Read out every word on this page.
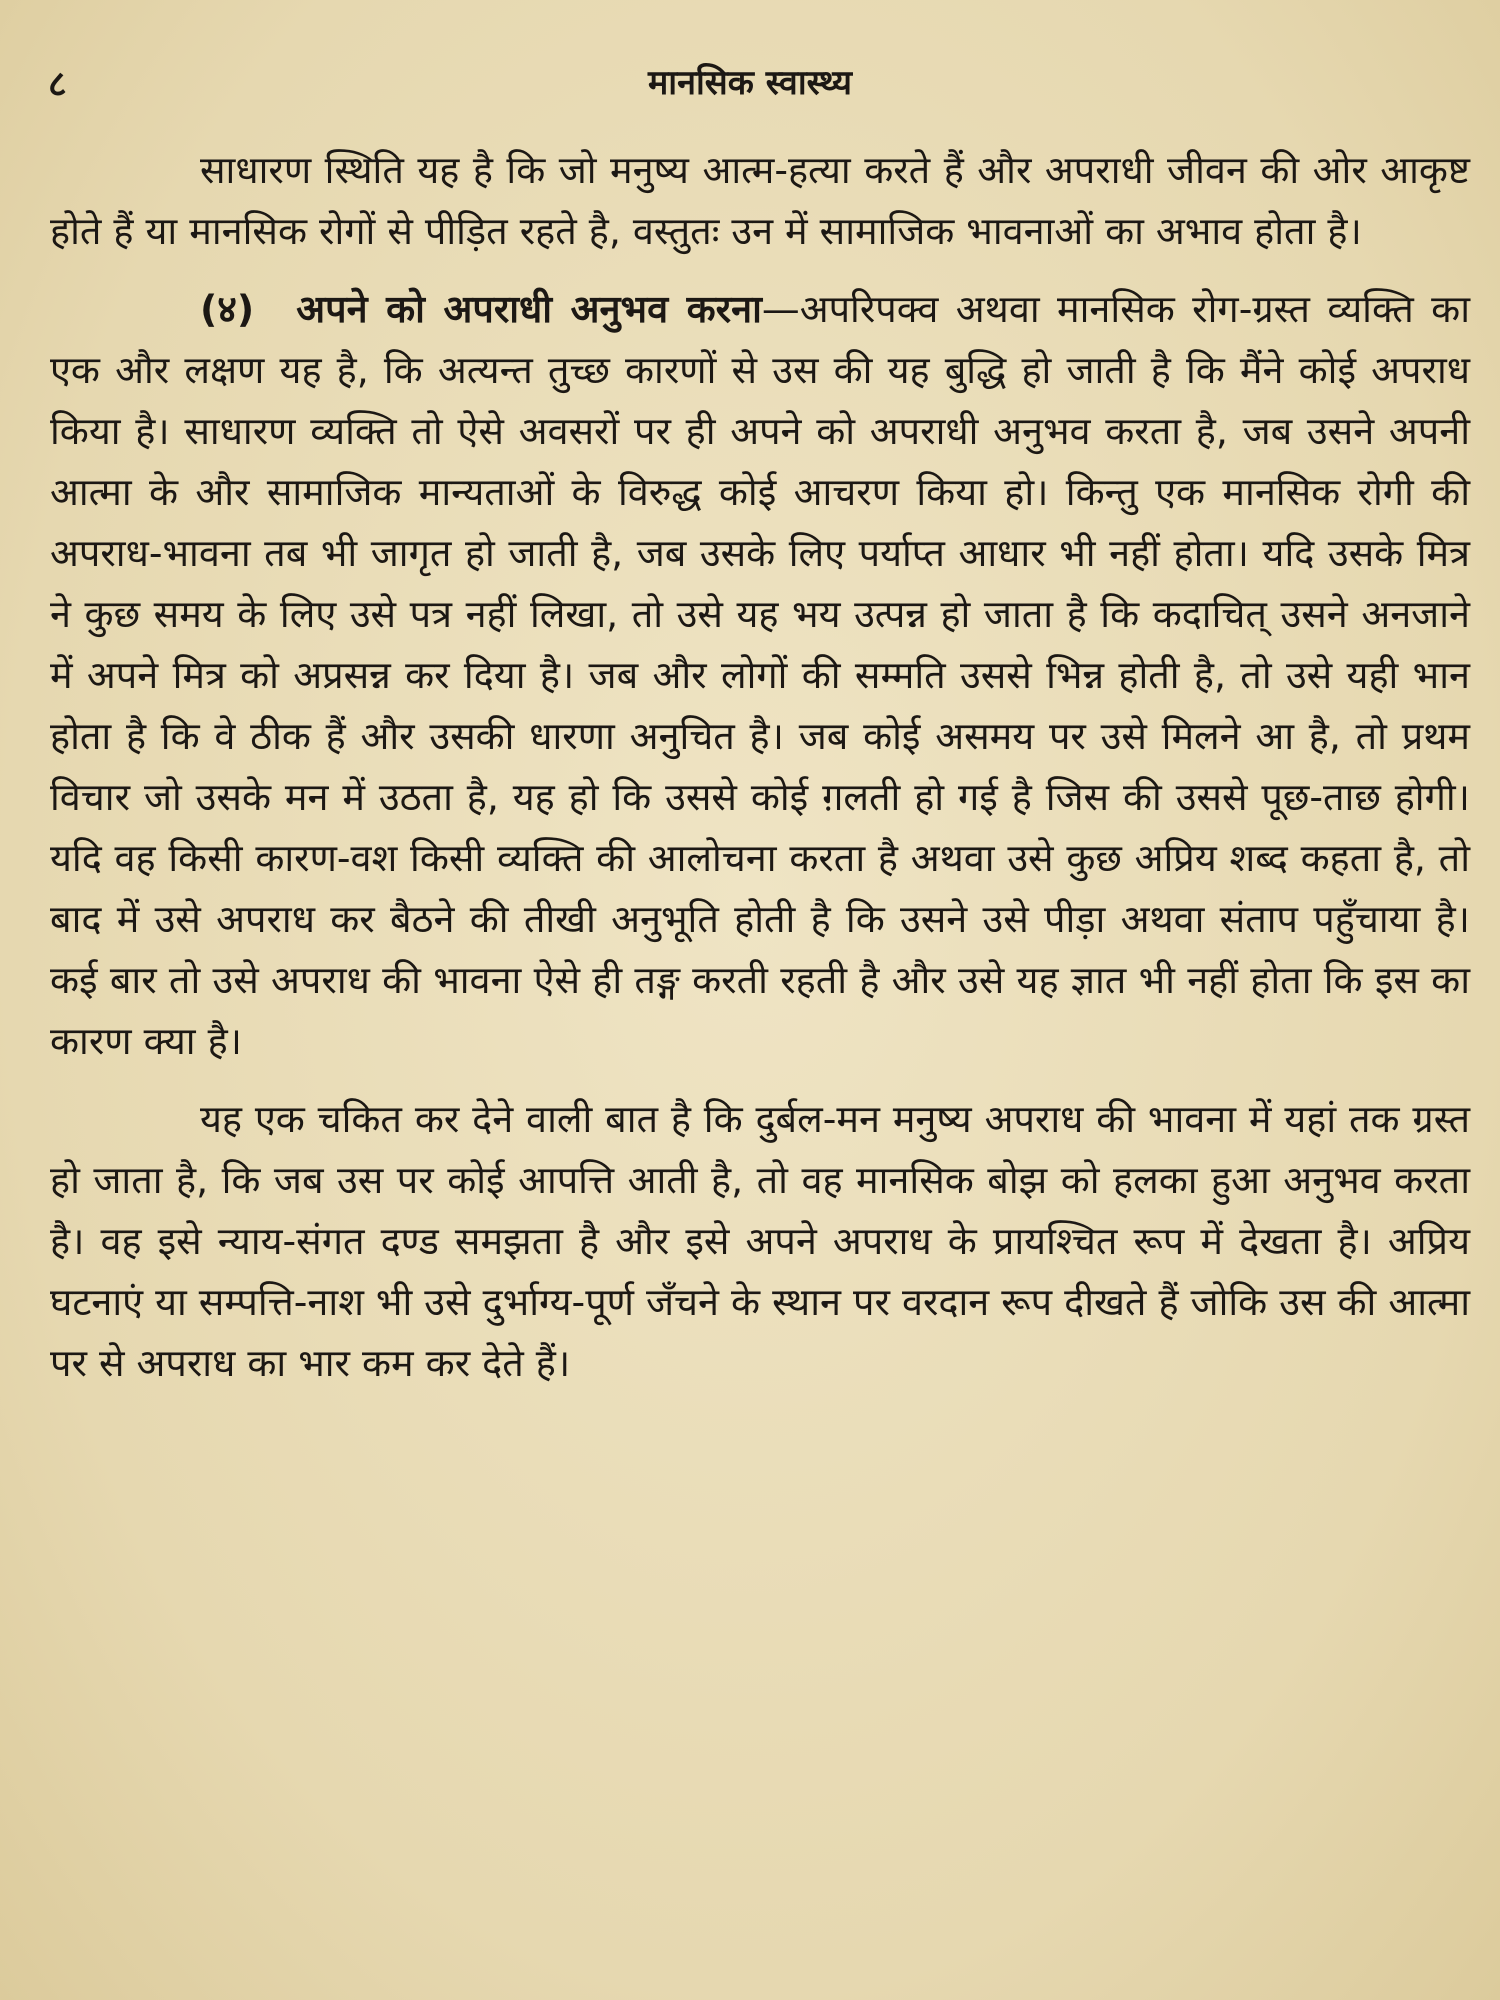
८	मानसिक स्वास्थ्य

साधारण स्थिति यह है कि जो मनुष्य आत्म-हत्या करते हैं और अपराधी जीवन की ओर आकृष्ट होते हैं या मानसिक रोगों से पीड़ित रहते है, वस्तुतः उन में सामाजिक भावनाओं का अभाव होता है।

(४) अपने को अपराधी अनुभव करना—अपरिपक्व अथवा मानसिक रोग-ग्रस्त व्यक्ति का एक और लक्षण यह है, कि अत्यन्त तुच्छ कारणों से उस की यह बुद्धि हो जाती है कि मैंने कोई अपराध किया है। साधारण व्यक्ति तो ऐसे अवसरों पर ही अपने को अपराधी अनुभव करता है, जब उसने अपनी आत्मा के और सामाजिक मान्यताओं के विरुद्ध कोई आचरण किया हो। किन्तु एक मानसिक रोगी की अपराध-भावना तब भी जागृत हो जाती है, जब उसके लिए पर्याप्त आधार भी नहीं होता। यदि उसके मित्र ने कुछ समय के लिए उसे पत्र नहीं लिखा, तो उसे यह भय उत्पन्न हो जाता है कि कदाचित् उसने अनजाने में अपने मित्र को अप्रसन्न कर दिया है। जब और लोगों की सम्मति उससे भिन्न होती है, तो उसे यही भान होता है कि वे ठीक हैं और उसकी धारणा अनुचित है। जब कोई असमय पर उसे मिलने आ है, तो प्रथम विचार जो उसके मन में उठता है, यह हो कि उससे कोई ग़लती हो गई है जिस की उससे पूछ-ताछ होगी। यदि वह किसी कारण-वश किसी व्यक्ति की आलोचना करता है अथवा उसे कुछ अप्रिय शब्द कहता है, तो बाद में उसे अपराध कर बैठने की तीखी अनुभूति होती है कि उसने उसे पीड़ा अथवा संताप पहुँचाया है। कई बार तो उसे अपराध की भावना ऐसे ही तङ्ग करती रहती है और उसे यह ज्ञात भी नहीं होता कि इस का कारण क्या है।

यह एक चकित कर देने वाली बात है कि दुर्बल-मन मनुष्य अपराध की भावना में यहां तक ग्रस्त हो जाता है, कि जब उस पर कोई आपत्ति आती है, तो वह मानसिक बोझ को हलका हुआ अनुभव करता है। वह इसे न्याय-संगत दण्ड समझता है और इसे अपने अपराध के प्रायश्चित रूप में देखता है। अप्रिय घटनाएं या सम्पत्ति-नाश भी उसे दुर्भाग्य-पूर्ण जँचने के स्थान पर वरदान रूप दीखते हैं जोकि उस की आत्मा पर से अपराध का भार कम कर देते हैं।
